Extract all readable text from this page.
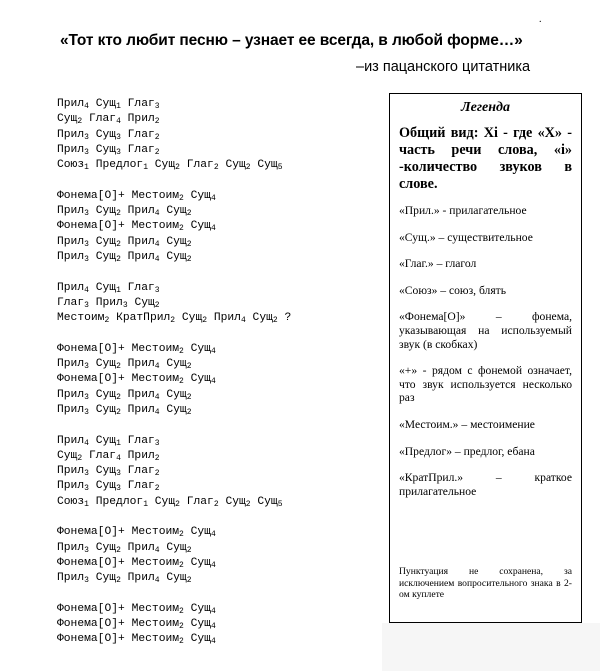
.
«Тот кто любит песню – узнает ее всегда, в любой форме…»
–из пацанского цитатника
Прил$_4$ Сущ$_1$ Глаг$_3$
Сущ$_2$ Глаг$_4$ Прил$_2$
Прил$_3$ Сущ$_3$ Глаг$_2$
Прил$_3$ Сущ$_3$ Глаг$_2$
Союз$_1$ Предлог$_1$ Сущ$_2$ Глаг$_2$ Сущ$_2$ Сущ$_5$
Фонема[О]+ Местоим$_2$ Сущ$_4$
Прил$_3$ Сущ$_2$ Прил$_4$ Сущ$_2$
Фонема[О]+ Местоим$_2$ Сущ$_4$
Прил$_3$ Сущ$_2$ Прил$_4$ Сущ$_2$
Прил$_3$ Сущ$_2$ Прил$_4$ Сущ$_2$
Прил$_4$ Сущ$_1$ Глаг$_3$
Глаг$_3$ Прил$_3$ Сущ$_2$
Местоим$_2$ КратПрил$_2$ Сущ$_2$ Прил$_4$ Сущ$_2$ ?
Фонема[О]+ Местоим$_2$ Сущ$_4$
Прил$_3$ Сущ$_2$ Прил$_4$ Сущ$_2$
Фонема[О]+ Местоим$_2$ Сущ$_4$
Прил$_3$ Сущ$_2$ Прил$_4$ Сущ$_2$
Прил$_3$ Сущ$_2$ Прил$_4$ Сущ$_2$
Прил$_4$ Сущ$_1$ Глаг$_3$
Сущ$_2$ Глаг$_4$ Прил$_2$
Прил$_3$ Сущ$_3$ Глаг$_2$
Прил$_3$ Сущ$_3$ Глаг$_2$
Союз$_1$ Предлог$_1$ Сущ$_2$ Глаг$_2$ Сущ$_2$ Сущ$_5$
Фонема[О]+ Местоим$_2$ Сущ$_4$
Прил$_3$ Сущ$_2$ Прил$_4$ Сущ$_2$
Фонема[О]+ Местоим$_2$ Сущ$_4$
Прил$_3$ Сущ$_2$ Прил$_4$ Сущ$_2$
Фонема[О]+ Местоим$_2$ Сущ$_4$
Фонема[О]+ Местоим$_2$ Сущ$_4$
Фонема[О]+ Местоим$_2$ Сущ$_4$
Легенда
Общий вид: Xi - где «X» - часть речи слова, «i» -количество звуков в слове.
«Прил.» - прилагательное
«Сущ.» – существительное
«Глаг.» – глагол
«Союз» – союз, блять
«Фонема[О]» – фонема, указывающая на используемый звук (в скобках)
«+» - рядом с фонемой означает, что звук используется несколько раз
«Местоим.» – местоимение
«Предлог» – предлог, ебана
«КратПрил.» – краткое прилагательное
Пунктуация не сохранена, за исключением вопросительного знака в 2-ом куплете
